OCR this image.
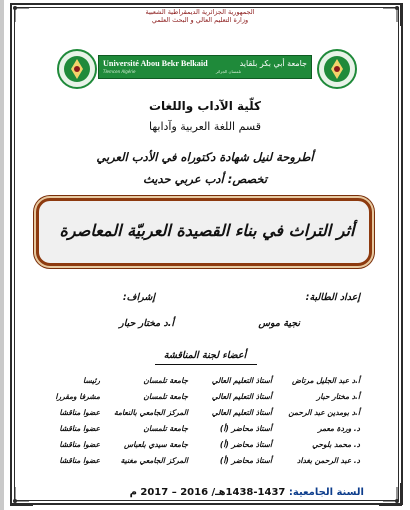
الجمهورية الجزائرية الديمقراطية الشعبية
وزارة التعليم العالي و البحث العلمي
Université Abou Bekr Belkaid	جامعة أبي بكر بلقايد
Tlemcen Algérie	تلمسان الجزائر
كلّية الآداب واللغات
قسم اللغة العربية وآدابها
أطروحة لنيل شهادة دكتوراه في الأدب العربي
تخصص: أدب عربي حديث
أثر التراث في بناء القصيدة العربيّة المعاصرة
إعداد الطالبة:
نجية موس
إشراف:
أ.د مختار حبار
أعضاء لجنة المناقشة
أ.د عبد الجليل مرتاض
أستاذ التعليم العالي
جامعة تلمسان
رئيسا
أ.د مختار حبار
أستاذ التعليم العالي
جامعة تلمسان
مشرفا ومقررا
أ.د بومدين عبد الرحمن
أستاذ التعليم العالي
المركز الجامعي بالنعامة
عضوا مناقشا
د. وردة معمر
أستاذ محاضر (أ)
جامعة تلمسان
عضوا مناقشا
د. محمد بلوحي
أستاذ محاضر (أ)
جامعة سيدي بلعباس
عضوا مناقشا
د. عبد الرحمن بغداد
أستاذ محاضر (أ)
المركز الجامعي مغنية
عضوا مناقشا
السنة الجامعية: 1437-1438هـ/ 2016 – 2017 م
